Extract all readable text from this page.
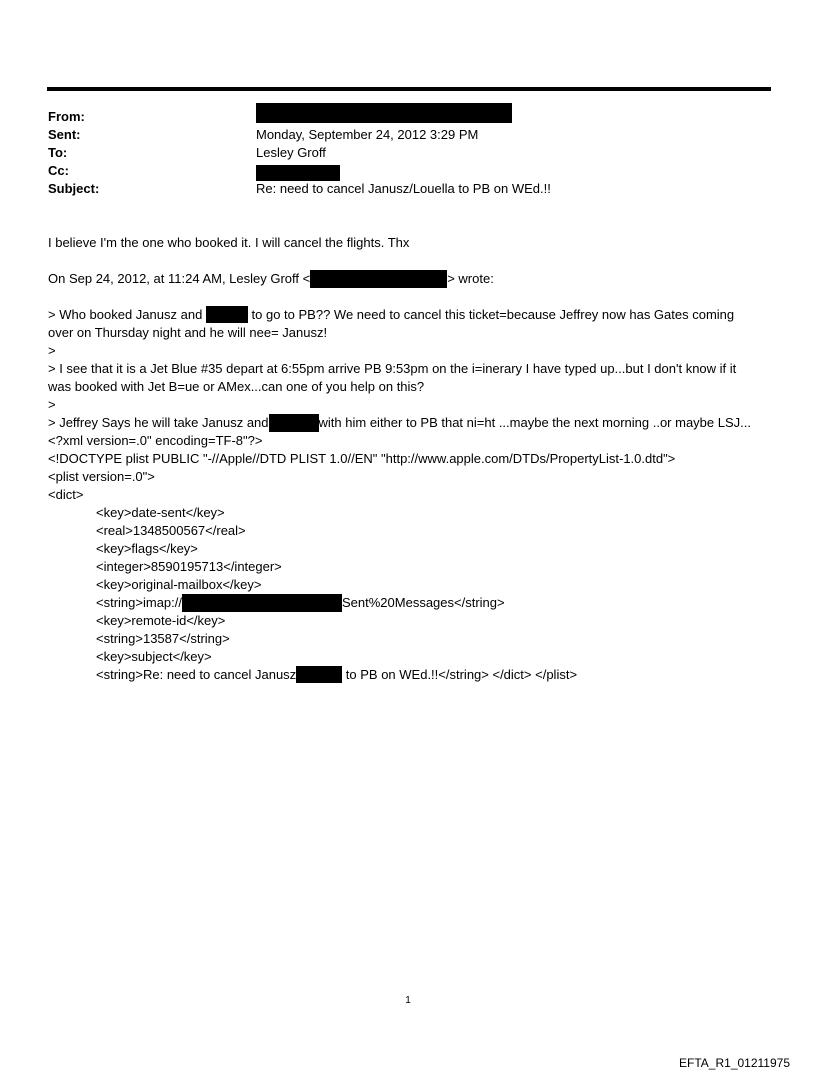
From:
Sent:	Monday, September 24, 2012 3:29 PM
To:	Lesley Groff
Cc:
Subject:	Re: need to cancel Janusz/Louella to PB on WEd.!!
I believe I'm the one who booked it. I will cancel the flights. Thx
On Sep 24, 2012, at 11:24 AM, Lesley Groff <	> wrote:
> Who booked Janusz and	to go to PB?? We need to cancel this ticket=because Jeffrey now has Gates coming
over on Thursday night and he will nee= Janusz!
>
> I see that it is a Jet Blue #35 depart at 6:55pm arrive PB 9:53pm on the i=inerary I have typed up...but I don't know if it
was booked with Jet B=ue or AMex...can one of you help on this?
>
> Jeffrey Says he will take Janusz and	with him either to PB that ni=ht ...maybe the next morning ..or maybe LSJ...
<?xml version=.0" encoding=TF-8"?>
<!DOCTYPE plist PUBLIC "-//Apple//DTD PLIST 1.0//EN" "http://www.apple.com/DTDs/PropertyList-1.0.dtd">
<plist version=.0">
<dict>
<key>date-sent</key>
<real>1348500567</real>
<key>flags</key>
<integer>8590195713</integer>
<key>original-mailbox</key>
<string>imap://	Sent%20Messages</string>
<key>remote-id</key>
<string>13587</string>
<key>subject</key>
<string>Re: need to cancel Janusz	to PB on WEd.!!</string> </dict> </plist>
1
EFTA_R1_01211975
